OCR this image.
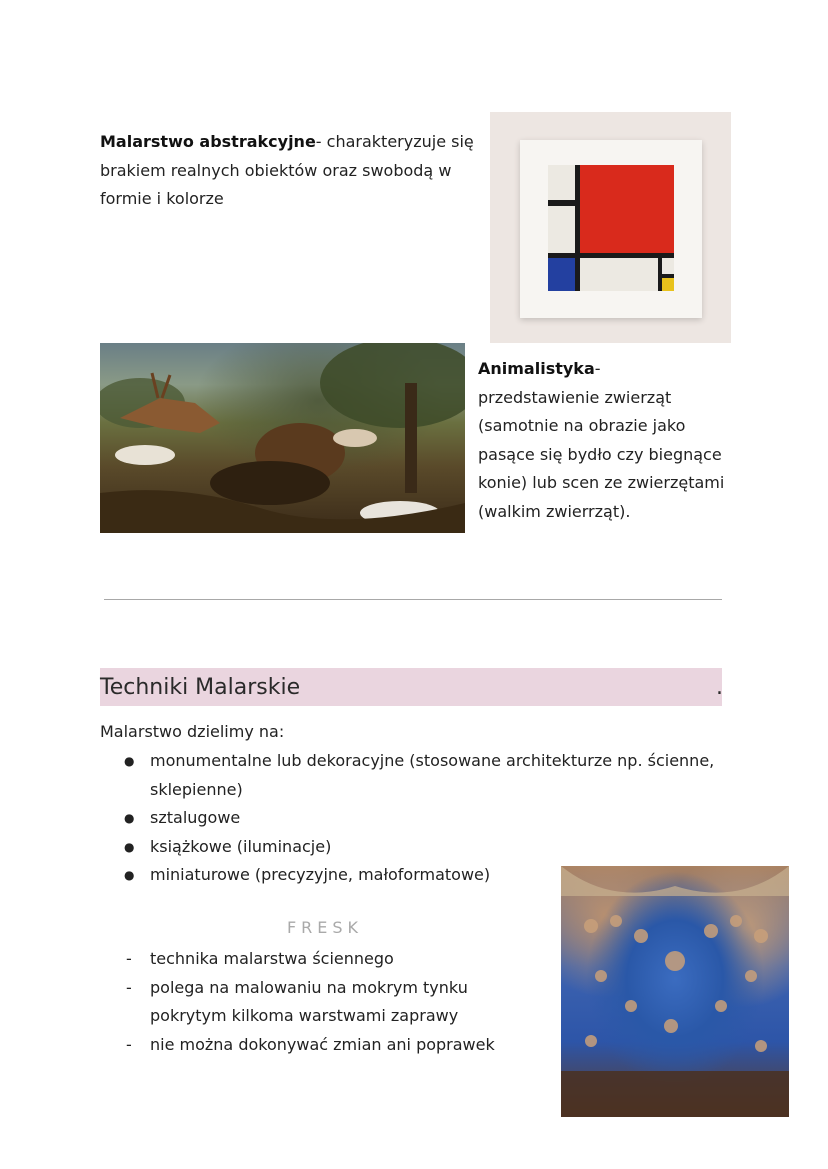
Malarstwo abstrakcyjne- charakteryzuje się
brakiem realnych obiektów oraz swobodą w
formie i kolorze
Animalistyka-
przedstawienie zwierząt
(samotnie na obrazie jako
pasące się bydło czy biegnące
konie) lub scen ze zwierzętami
(walkim zwierrząt).
Techniki Malarskie	.
Malarstwo dzielimy na:
● monumentalne lub dekoracyjne (stosowane architekturze np. ścienne,
sklepienne)
● sztalugowe
● książkowe (iluminacje)
● miniaturowe (precyzyjne, małoformatowe)
FRESK
- technika malarstwa ściennego
- polega na malowaniu na mokrym tynku
pokrytym kilkoma warstwami zaprawy
- nie można dokonywać zmian ani poprawek
